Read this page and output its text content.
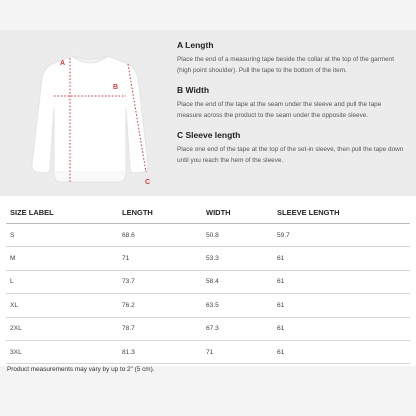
A
B
C
A Length
Place the end of a measuring tape beside the collar at the top of the garment (high point shoulder). Pull the tape to the bottom of the item.
B Width
Place the end of the tape at the seam under the sleeve and pull the tape measure across the product to the seam under the opposite sleeve.
C Sleeve length
Place one end of the tape at the top of the set-in sleeve, then pull the tape down until you reach the hem of the sleeve.
SIZE LABEL	LENGTH	WIDTH	SLEEVE LENGTH
S	68.6	50.8	59.7
M	71	53.3	61
L	73.7	58.4	61
XL	76.2	63.5	61
2XL	78.7	67.3	61
3XL	81.3	71	61
Product measurements may vary by up to 2" (5 cm).
